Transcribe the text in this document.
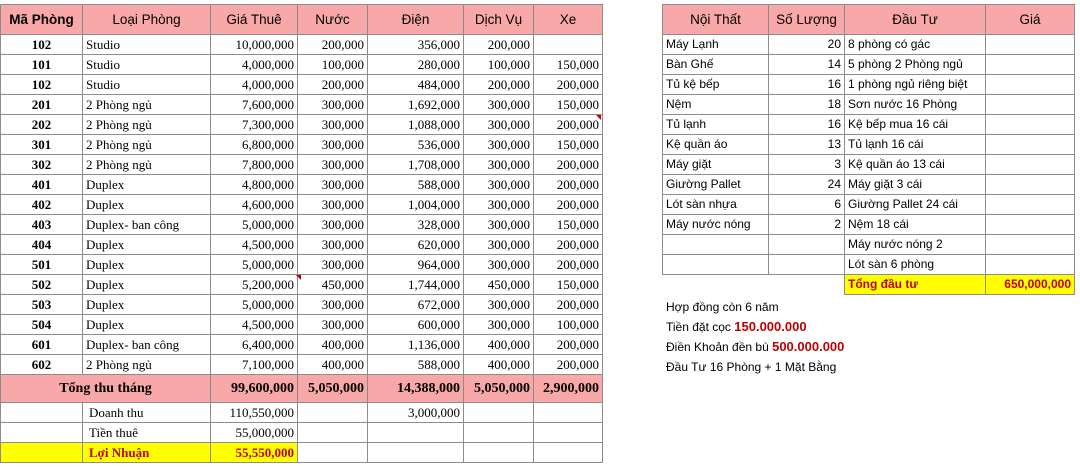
Mã Phòng	Loại Phòng	Giá Thuê	Nước	Điện	Dịch Vụ	Xe
102	Studio	10,000,000	200,000	356,000	200,000	
101	Studio	4,000,000	100,000	280,000	100,000	150,000
102	Studio	4,000,000	200,000	484,000	200,000	200,000
201	2 Phòng ngủ	7,600,000	300,000	1,692,000	300,000	150,000
202	2 Phòng ngủ	7,300,000	300,000	1,088,000	300,000	200,000
301	2 Phòng ngủ	6,800,000	300,000	536,000	300,000	150,000
302	2 Phòng ngủ	7,800,000	300,000	1,708,000	300,000	200,000
401	Duplex	4,800,000	300,000	588,000	300,000	200,000
402	Duplex	4,600,000	300,000	1,004,000	300,000	200,000
403	Duplex- ban công	5,000,000	300,000	328,000	300,000	150,000
404	Duplex	4,500,000	300,000	620,000	300,000	200,000
501	Duplex	5,000,000	300,000	964,000	300,000	200,000
502	Duplex	5,200,000	450,000	1,744,000	450,000	150,000
503	Duplex	5,000,000	300,000	672,000	300,000	200,000
504	Duplex	4,500,000	300,000	600,000	300,000	100,000
601	Duplex- ban công	6,400,000	400,000	1,136,000	400,000	200,000
602	2 Phòng ngủ	7,100,000	400,000	588,000	400,000	200,000
Tổng thu tháng		99,600,000	5,050,000	14,388,000	5,050,000	2,900,000
	Doanh thu	110,550,000		3,000,000		
	Tiền thuê	55,000,000				
	Lợi Nhuận	55,550,000				
Nội Thất	Số Lượng	Đầu Tư	Giá
Máy Lạnh	20	8 phòng có gác	
Bàn Ghế	14	5 phòng 2 Phòng ngủ	
Tủ kệ bếp	16	1 phòng ngủ riêng biệt	
Nệm	18	Sơn nước 16 Phòng	
Tủ lạnh	16	Kệ bếp mua 16 cái	
Kệ quần áo	13	Tủ lạnh 16 cái	
Máy giặt	3	Kệ quần áo 13 cái	
Giường Pallet	24	Máy giặt 3 cái	
Lót sàn nhựa	6	Giường Pallet 24 cái	
Máy nước nóng	2	Nệm 18 cái	
		Máy nước nóng 2	
		Lót sàn 6 phòng	
		Tổng đầu tư	650,000,000
Hợp đồng còn 6 năm
Tiền đặt cọc 150.000.000
Điền Khoản đền bù 500.000.000
Đầu Tư 16 Phòng + 1 Mặt Bằng
